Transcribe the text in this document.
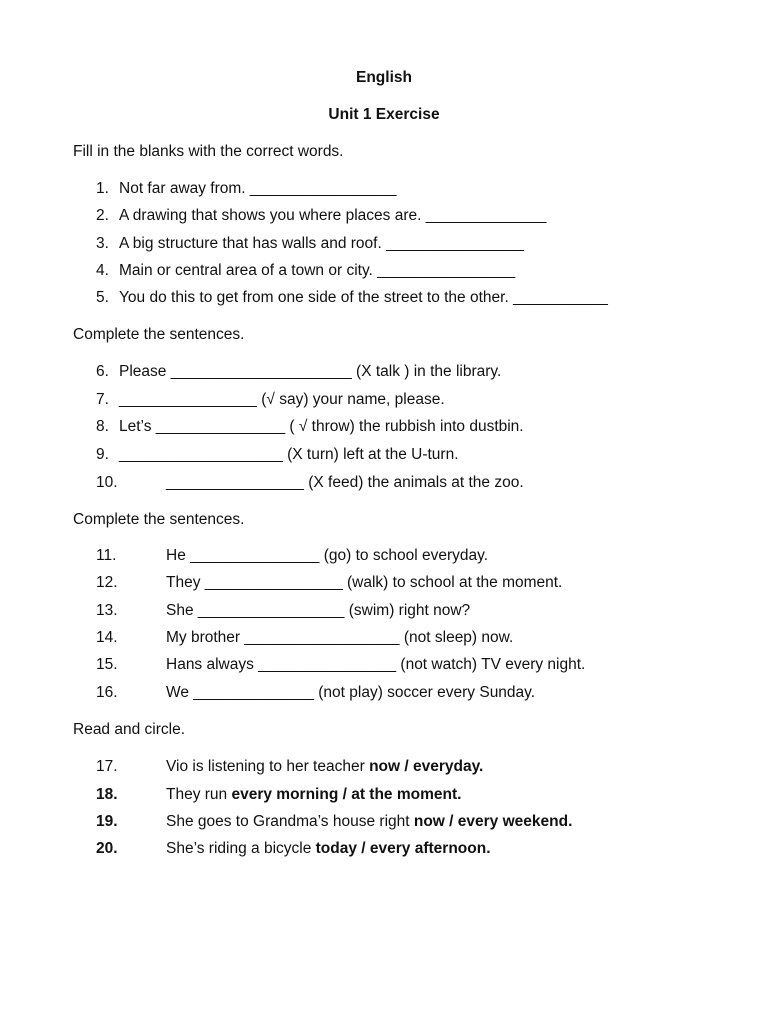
English
Unit 1 Exercise
Fill in the blanks with the correct words.
1. Not far away from. _________________
2. A drawing that shows you where places are. ______________
3. A big structure that has walls and roof. ________________
4. Main or central area of a town or city. ________________
5. You do this to get from one side of the street to the other. ___________
Complete the sentences.
6. Please _____________________ (X talk ) in the library.
7. ________________ (√ say) your name, please.
8. Let’s _______________ ( √ throw) the rubbish into dustbin.
9. ___________________ (X turn) left at the U-turn.
10.	________________ (X feed) the animals at the zoo.
Complete the sentences.
11.	He _______________ (go) to school everyday.
12.	They ________________ (walk) to school at the moment.
13.	She _________________ (swim) right now?
14.	My brother __________________ (not sleep) now.
15.	Hans always ________________ (not watch) TV every night.
16.	We ______________ (not play) soccer every Sunday.
Read and circle.
17.	Vio is listening to her teacher now / everyday.
18.	They run every morning / at the moment.
19.	She goes to Grandma’s house right now / every weekend.
20.	She’s riding a bicycle today / every afternoon.
